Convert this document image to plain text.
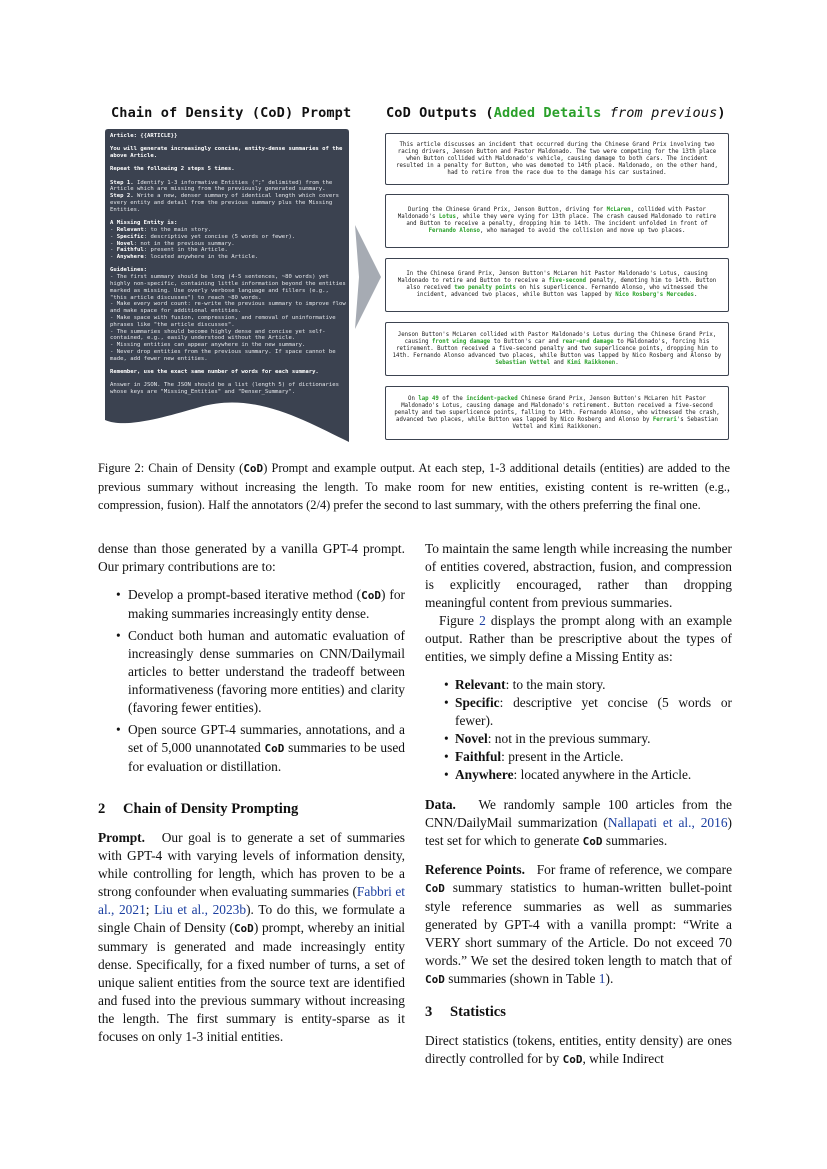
Chain of Density (CoD) Prompt	CoD Outputs (Added Details from previous)
Article: {{ARTICLE}}
You will generate increasingly concise, entity-dense summaries of the above Article.
Repeat the following 2 steps 5 times.
Step 1. Identify 1-3 informative Entities (";" delimited) from the Article which are missing from the previously generated summary.
Step 2. Write a new, denser summary of identical length which covers every entity and detail from the previous summary plus the Missing Entities.
A Missing Entity is:
- Relevant: to the main story.
- Specific: descriptive yet concise (5 words or fewer).
- Novel: not in the previous summary.
- Faithful: present in the Article.
- Anywhere: located anywhere in the Article.
Guidelines:
- The first summary should be long (4-5 sentences, ~80 words) yet highly non-specific, containing little information beyond the entities marked as missing. Use overly verbose language and fillers (e.g., "this article discusses") to reach ~80 words.
- Make every word count: re-write the previous summary to improve flow and make space for additional entities.
- Make space with fusion, compression, and removal of uninformative phrases like "the article discusses".
- The summaries should become highly dense and concise yet self-contained, e.g., easily understood without the Article.
- Missing entities can appear anywhere in the new summary.
- Never drop entities from the previous summary. If space cannot be made, add fewer new entities.
Remember, use the exact same number of words for each summary.
Answer in JSON. The JSON should be a list (length 5) of dictionaries whose keys are "Missing_Entities" and "Denser_Summary".
This article discusses an incident that occurred during the Chinese Grand Prix involving two racing drivers, Jenson Button and Pastor Maldonado. The two were competing for the 13th place when Button collided with Maldonado's vehicle, causing damage to both cars. The incident resulted in a penalty for Button, who was demoted to 14th place. Maldonado, on the other hand, had to retire from the race due to the damage his car sustained.
During the Chinese Grand Prix, Jenson Button, driving for McLaren, collided with Pastor Maldonado's Lotus, while they were vying for 13th place. The crash caused Maldonado to retire and Button to receive a penalty, dropping him to 14th. The incident unfolded in front of Fernando Alonso, who managed to avoid the collision and move up two places.
In the Chinese Grand Prix, Jenson Button's McLaren hit Pastor Maldonado's Lotus, causing Maldonado to retire and Button to receive a five-second penalty, demoting him to 14th. Button also received two penalty points on his superlicence. Fernando Alonso, who witnessed the incident, advanced two places, while Button was lapped by Nico Rosberg's Mercedes.
Jenson Button's McLaren collided with Pastor Maldonado's Lotus during the Chinese Grand Prix, causing front wing damage to Button's car and rear-end damage to Maldonado's, forcing his retirement. Button received a five-second penalty and two superlicence points, dropping him to 14th. Fernando Alonso advanced two places, while Button was lapped by Nico Rosberg and Alonso by Sebastian Vettel and Kimi Raikkonen.
On lap 49 of the incident-packed Chinese Grand Prix, Jenson Button's McLaren hit Pastor Maldonado's Lotus, causing damage and Maldonado's retirement. Button received a five-second penalty and two superlicence points, falling to 14th. Fernando Alonso, who witnessed the crash, advanced two places, while Button was lapped by Nico Rosberg and Alonso by Ferrari's Sebastian Vettel and Kimi Raikkonen.
Figure 2: Chain of Density (CoD) Prompt and example output. At each step, 1-3 additional details (entities) are added to the previous summary without increasing the length. To make room for new entities, existing content is re-written (e.g., compression, fusion). Half the annotators (2/4) prefer the second to last summary, with the others preferring the final one.

dense than those generated by a vanilla GPT-4 prompt. Our primary contributions are to:

• Develop a prompt-based iterative method (CoD) for making summaries increasingly entity dense.
• Conduct both human and automatic evaluation of increasingly dense summaries on CNN/Dailymail articles to better understand the tradeoff between informativeness (favoring more entities) and clarity (favoring fewer entities).
• Open source GPT-4 summaries, annotations, and a set of 5,000 unannotated CoD summaries to be used for evaluation or distillation.
2 Chain of Density Prompting

Prompt. Our goal is to generate a set of summaries with GPT-4 with varying levels of information density, while controlling for length, which has proven to be a strong confounder when evaluating summaries (Fabbri et al., 2021; Liu et al., 2023b). To do this, we formulate a single Chain of Density (CoD) prompt, whereby an initial summary is generated and made increasingly entity dense. Specifically, for a fixed number of turns, a set of unique salient entities from the source text are identified and fused into the previous summary without increasing the length. The first summary is entity-sparse as it focuses on only 1-3 initial entities.

To maintain the same length while increasing the number of entities covered, abstraction, fusion, and compression is explicitly encouraged, rather than dropping meaningful content from previous summaries.

Figure 2 displays the prompt along with an example output. Rather than be prescriptive about the types of entities, we simply define a Missing Entity as:

• Relevant: to the main story.
• Specific: descriptive yet concise (5 words or fewer).
• Novel: not in the previous summary.
• Faithful: present in the Article.
• Anywhere: located anywhere in the Article.

Data. We randomly sample 100 articles from the CNN/DailyMail summarization (Nallapati et al., 2016) test set for which to generate CoD summaries.

Reference Points. For frame of reference, we compare CoD summary statistics to human-written bullet-point style reference summaries as well as summaries generated by GPT-4 with a vanilla prompt: “Write a VERY short summary of the Article. Do not exceed 70 words.” We set the desired token length to match that of CoD summaries (shown in Table 1).

3 Statistics

Direct statistics (tokens, entities, entity density) are ones directly controlled for by CoD, while Indirect
